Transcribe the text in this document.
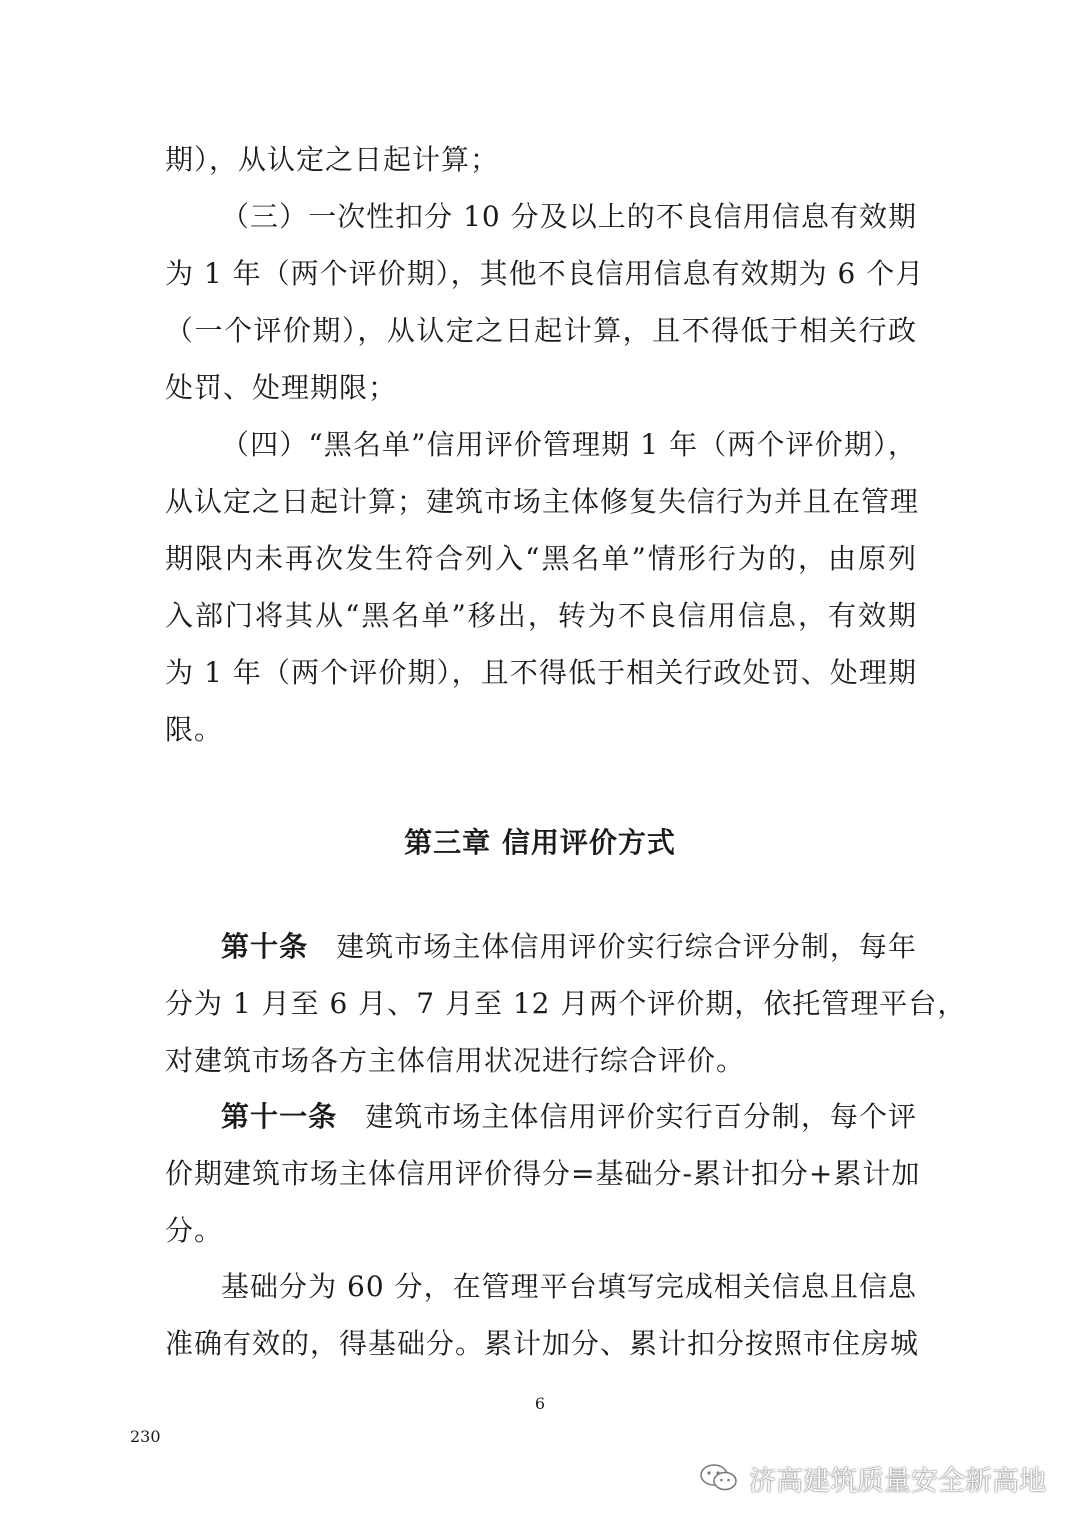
期），从认定之日起计算；
（三）一次性扣分 10 分及以上的不良信用信息有效期
为 1 年（两个评价期），其他不良信用信息有效期为 6 个月
（一个评价期），从认定之日起计算，且不得低于相关行政
处罚、处理期限；
（四）“黑名单”信用评价管理期 1 年（两个评价期），
从认定之日起计算；建筑市场主体修复失信行为并且在管理
期限内未再次发生符合列入“黑名单”情形行为的，由原列
入部门将其从“黑名单”移出，转为不良信用信息，有效期
为 1 年（两个评价期），且不得低于相关行政处罚、处理期
限。
第三章 信用评价方式
第十条 建筑市场主体信用评价实行综合评分制，每年
分为 1 月至 6 月、7 月至 12 月两个评价期，依托管理平台，
对建筑市场各方主体信用状况进行综合评价。
第十一条 建筑市场主体信用评价实行百分制，每个评
价期建筑市场主体信用评价得分=基础分-累计扣分+累计加
分。
基础分为 60 分，在管理平台填写完成相关信息且信息
准确有效的，得基础分。累计加分、累计扣分按照市住房城
6
230
济高建筑质量安全新高地
